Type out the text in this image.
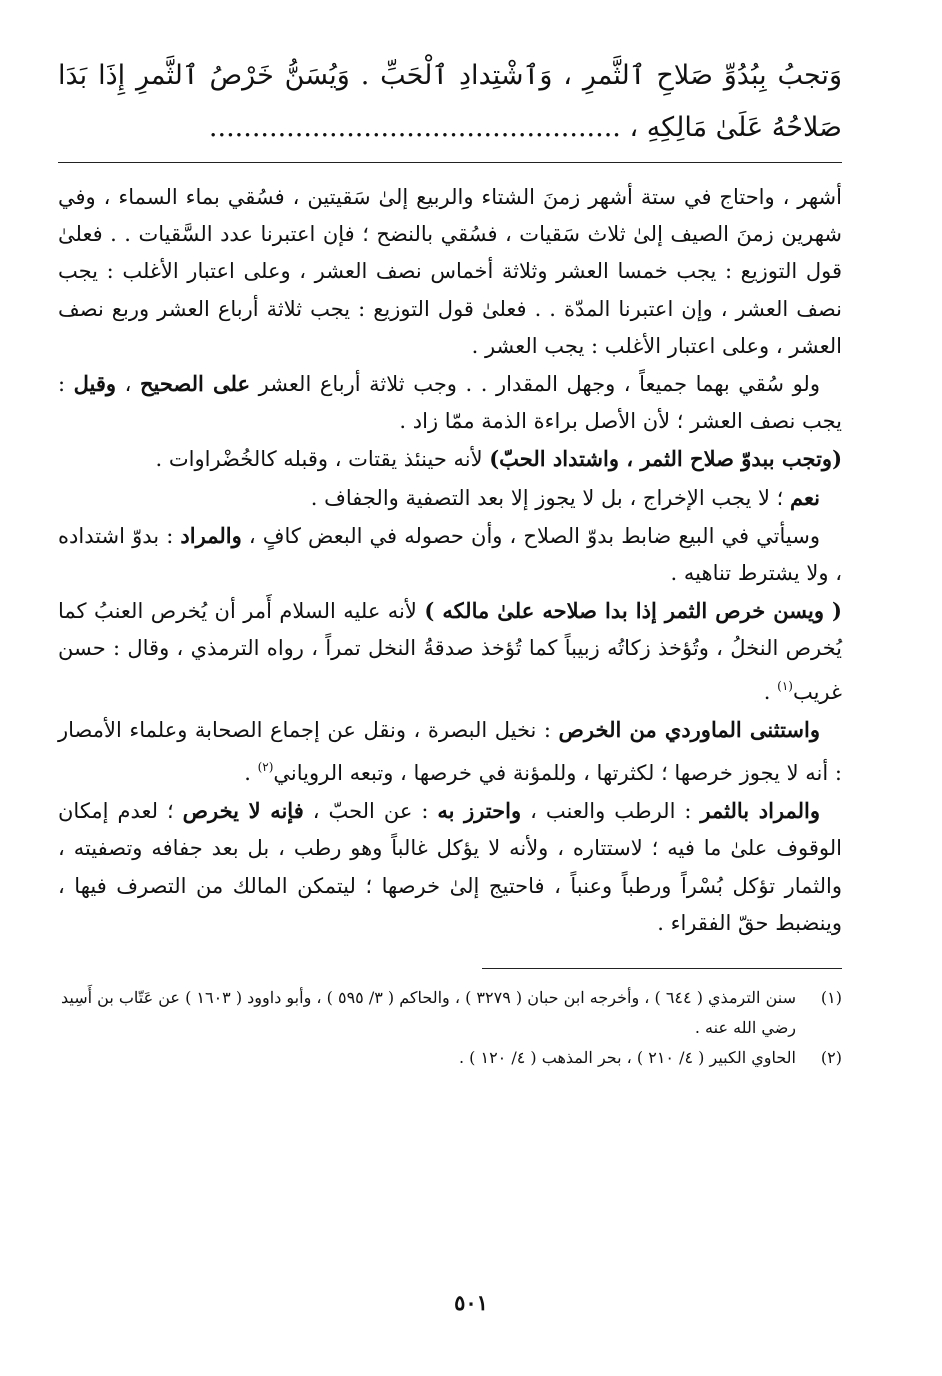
وَتجبُ بِبُدُوِّ صَلاحِ ٱلثَّمرِ ، وَٱشْتِدادِ ٱلْحَبِّ . وَيُسَنُّ خَرْصُ ٱلثَّمرِ إِذَا بَدَا صَلاحُهُ عَلَىٰ مَالِكِهِ ، ................................................

أشهر ، واحتاج في ستة أشهر زمنَ الشتاء والربيع إلىٰ سَقيتين ، فسُقي بماء السماء ، وفي شهرين زمنَ الصيف إلىٰ ثلاث سَقيات ، فسُقي بالنضح ؛ فإن اعتبرنا عدد السَّقيات . . فعلىٰ قول التوزيع : يجب خمسا العشر وثلاثة أخماس نصف العشر ، وعلى اعتبار الأغلب : يجب نصف العشر ، وإن اعتبرنا المدّة . . فعلىٰ قول التوزيع : يجب ثلاثة أرباع العشر وربع نصف العشر ، وعلى اعتبار الأغلب : يجب العشر .

ولو سُقي بهما جميعاً ، وجهل المقدار . . وجب ثلاثة أرباع العشر على الصحيح ، وقيل : يجب نصف العشر ؛ لأن الأصل براءة الذمة ممّا زاد .

(وتجب ببدوّ صلاح الثمر ، واشتداد الحبّ) لأنه حينئذ يقتات ، وقبله كالخُضْراوات .

نعم ؛ لا يجب الإخراج ، بل لا يجوز إلا بعد التصفية والجفاف .

وسيأتي في البيع ضابط بدوّ الصلاح ، وأن حصوله في البعض كافٍ ، والمراد : بدوّ اشتداده ، ولا يشترط تناهيه .

( ويسن خرص الثمر إذا بدا صلاحه علىٰ مالكه ) لأنه عليه السلام أَمر أن يُخرص العنبُ كما يُخرص النخلُ ، وتُؤخذ زكاتُه زبيباً كما تُؤخذ صدقةُ النخل تمراً ، رواه الترمذي ، وقال : حسن غريب$^{(١)}$ .

واستثنى الماوردي من الخرص : نخيل البصرة ، ونقل عن إجماع الصحابة وعلماء الأمصار : أنه لا يجوز خرصها ؛ لكثرتها ، وللمؤنة في خرصها ، وتبعه الروياني$^{(٢)}$ .

والمراد بالثمر : الرطب والعنب ، واحترز به : عن الحبّ ، فإنه لا يخرص ؛ لعدم إمكان الوقوف علىٰ ما فيه ؛ لاستتاره ، ولأنه لا يؤكل غالباً وهو رطب ، بل بعد جفافه وتصفيته ، والثمار تؤكل بُسْراً ورطباً وعنباً ، فاحتيج إلىٰ خرصها ؛ ليتمكن المالك من التصرف فيها ، وينضبط حقّ الفقراء .

(١)
سنن الترمذي ( ٦٤٤ ) ، وأخرجه ابن حبان ( ٣٢٧٩ ) ، والحاكم ( ٣/ ٥٩٥ ) ، وأبو داوود ( ١٦٠٣ ) عن عَتّاب بن أَسِيد رضي الله عنه .
(٢)
الحاوي الكبير ( ٤/ ٢١٠ ) ، بحر المذهب ( ٤/ ١٢٠ ) .
٥٠١
